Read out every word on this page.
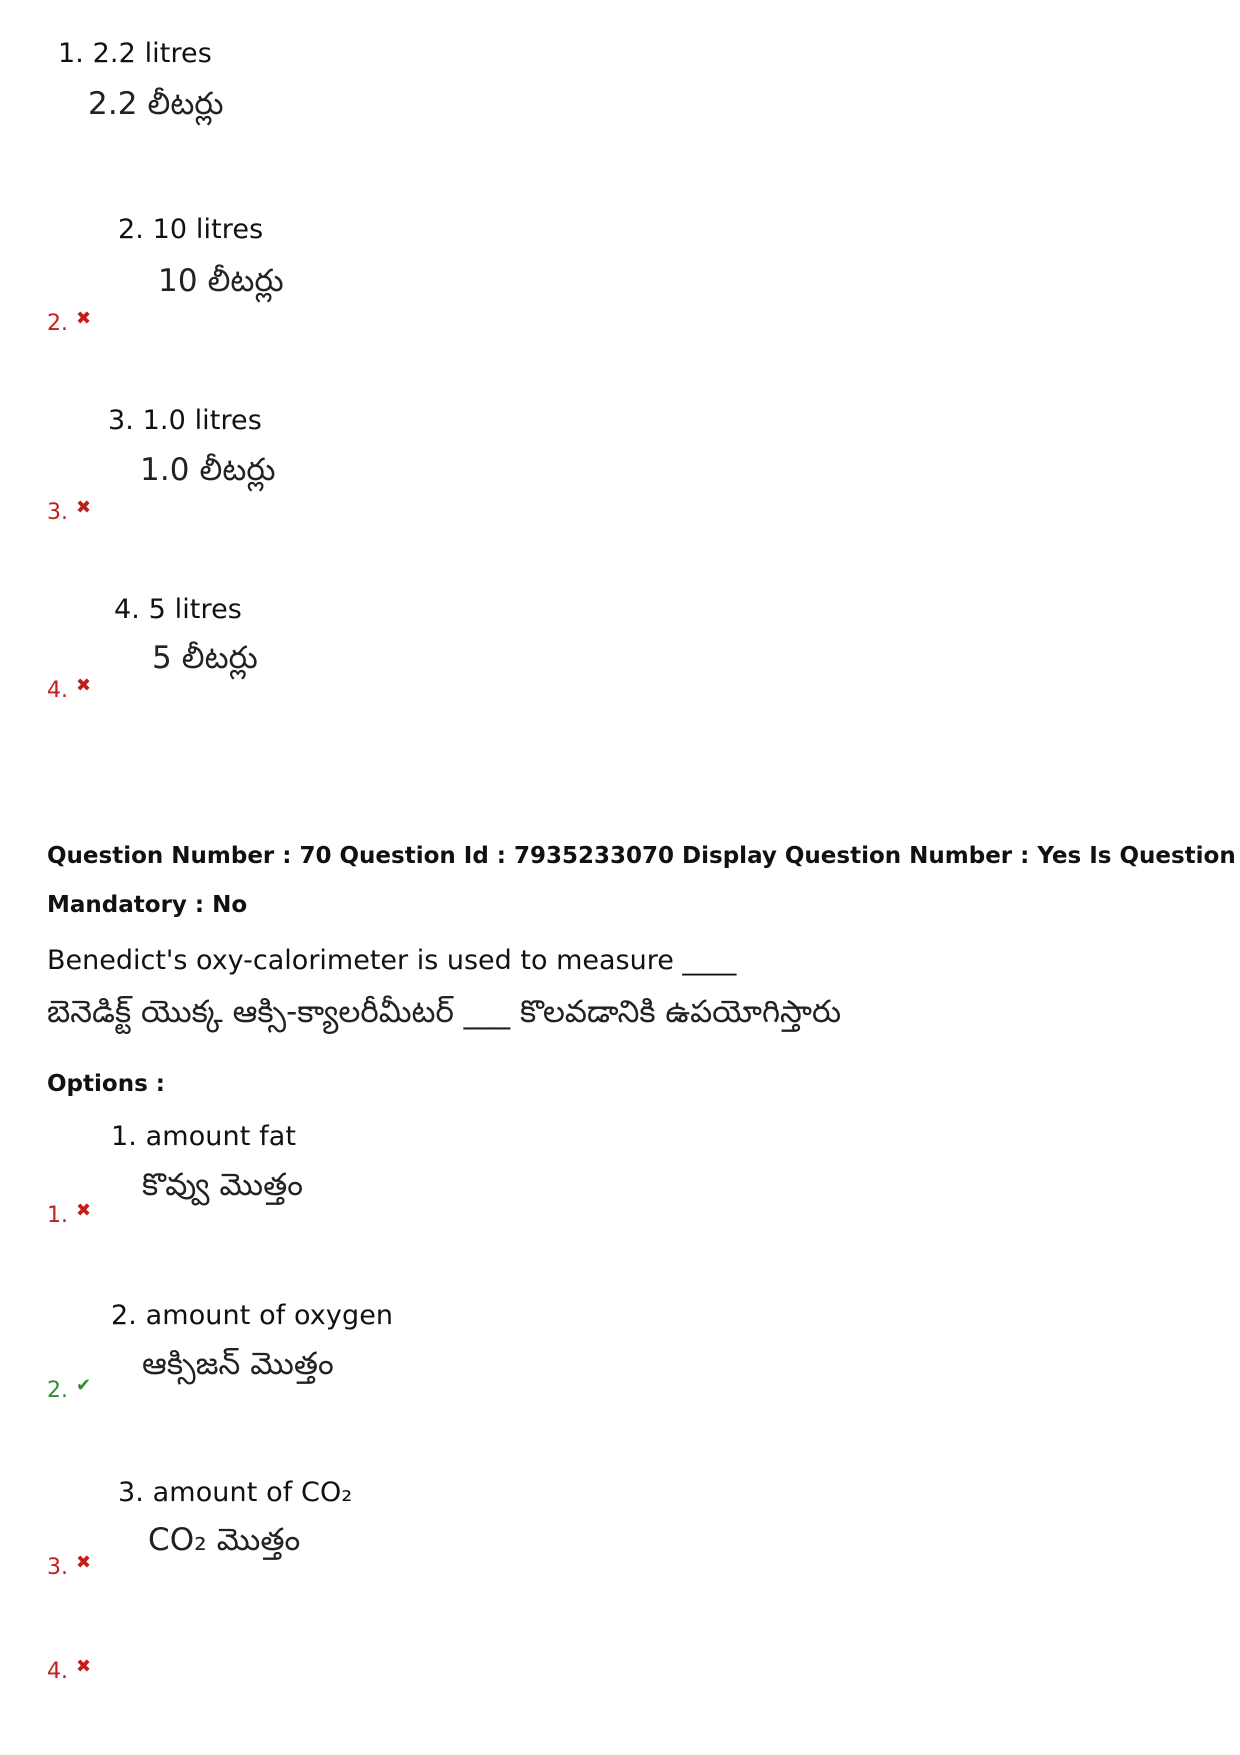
1. 2.2 litres
2.2 లీటర్లు
2. 10 litres
10 లీటర్లు
2. ✖
3. 1.0 litres
1.0 లీటర్లు
3. ✖
4. 5 litres
5 లీటర్లు
4. ✖
Question Number : 70 Question Id : 7935233070 Display Question Number : Yes Is Question
Mandatory : No
Benedict's oxy-calorimeter is used to measure ____
బెనెడిక్ట్ యొక్క ఆక్సి-క్యాలరీమీటర్ ___ కొలవడానికి ఉపయోగిస్తారు
Options :
1. amount fat
కొవ్వు మొత్తం
1. ✖
2. amount of oxygen
ఆక్సిజన్ మొత్తం
2. ✔
3. amount of CO₂
CO₂ మొత్తం
3. ✖
4. ✖
